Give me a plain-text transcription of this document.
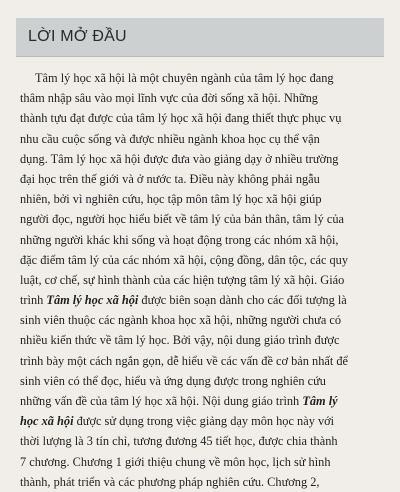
LỜI MỞ ĐẦU
Tâm lý học xã hội là một chuyên ngành của tâm lý học đang
thâm nhập sâu vào mọi lĩnh vực của đời sống xã hội. Những
thành tựu đạt được của tâm lý học xã hội đang thiết thực phục vụ
nhu cầu cuộc sống và được nhiều ngành khoa học cụ thể vận
dụng. Tâm lý học xã hội được đưa vào giảng dạy ở nhiều trường
đại học trên thế giới và ở nước ta. Điều này không phải ngẫu
nhiên, bởi vì nghiên cứu, học tập môn tâm lý học xã hội giúp
người đọc, người học hiểu biết về tâm lý của bản thân, tâm lý của
những người khác khi sống và hoạt động trong các nhóm xã hội,
đặc điểm tâm lý của các nhóm xã hội, cộng đồng, dân tộc, các quy
luật, cơ chế, sự hình thành của các hiện tượng tâm lý xã hội. Giáo
trình Tâm lý học xã hội được biên soạn dành cho các đối tượng là
sinh viên thuộc các ngành khoa học xã hội, những người chưa có
nhiều kiến thức về tâm lý học. Bởi vậy, nội dung giáo trình được
trình bày một cách ngắn gọn, dễ hiểu về các vấn đề cơ bản nhất để
sinh viên có thể đọc, hiểu và ứng dụng được trong nghiên cứu
những vấn đề của tâm lý học xã hội. Nội dung giáo trình Tâm lý
học xã hội được sử dụng trong việc giảng dạy môn học này với
thời lượng là 3 tín chỉ, tương đương 45 tiết học, được chia thành
7 chương. Chương 1 giới thiệu chung về môn học, lịch sử hình
thành, phát triển và các phương pháp nghiên cứu. Chương 2,
